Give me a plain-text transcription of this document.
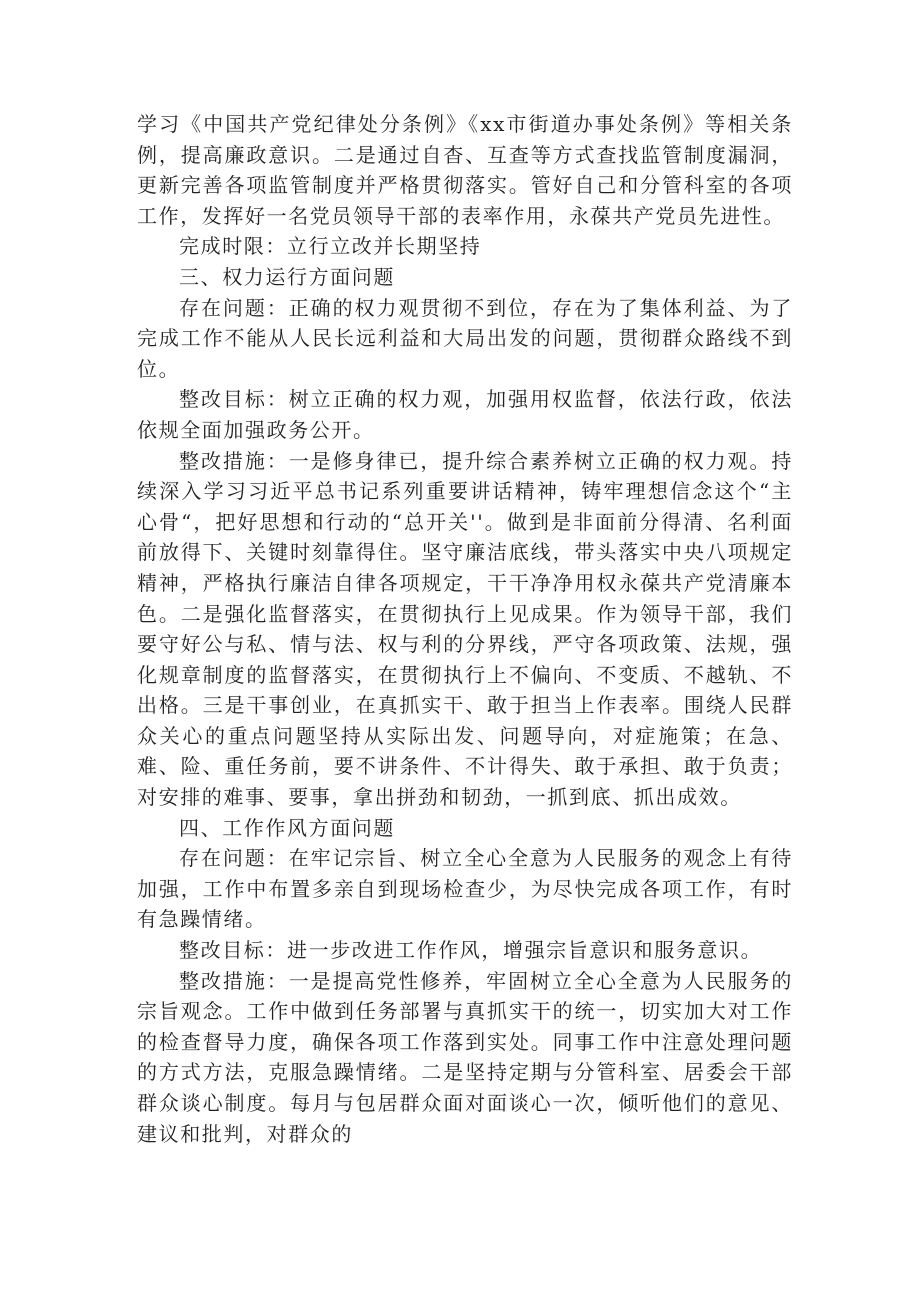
学习《中国共产党纪律处分条例》《xx市街道办事处条例》等相关条例，提高廉政意识。二是通过自杳、互查等方式查找监管制度漏洞，更新完善各项监管制度并严格贯彻落实。管好自己和分管科室的各项工作，发挥好一名党员领导干部的表率作用，永葆共产党员先进性。

完成时限：立行立改并长期坚持

三、权力运行方面问题

存在问题：正确的权力观贯彻不到位，存在为了集体利益、为了完成工作不能从人民长远利益和大局出发的问题，贯彻群众路线不到位。

整改目标：树立正确的权力观，加强用权监督，依法行政，依法依规全面加强政务公开。

整改措施：一是修身律已，提升综合素养树立正确的权力观。持续深入学习习近平总书记系列重要讲话精神，铸牢理想信念这个“主心骨“，把好思想和行动的“总开关''。做到是非面前分得清、名利面前放得下、关键时刻靠得住。坚守廉洁底线，带头落实中央八项规定精神，严格执行廉洁自律各项规定，干干净净用权永葆共产党清廉本色。二是强化监督落实，在贯彻执行上见成果。作为领导干部，我们要守好公与私、情与法、权与利的分界线，严守各项政策、法规，强化规章制度的监督落实，在贯彻执行上不偏向、不变质、不越轨、不出格。三是干事创业，在真抓实干、敢于担当上作表率。围绕人民群众关心的重点问题坚持从实际出发、问题导向，对症施策；在急、难、险、重任务前，要不讲条件、不计得失、敢于承担、敢于负责；对安排的难事、要事，拿出拼劲和韧劲，一抓到底、抓出成效。

四、工作作风方面问题

存在问题：在牢记宗旨、树立全心全意为人民服务的观念上有待加强，工作中布置多亲自到现场检查少，为尽快完成各项工作，有时有急躁情绪。

整改目标：进一步改进工作作风，增强宗旨意识和服务意识。

整改措施：一是提高党性修养，牢固树立全心全意为人民服务的宗旨观念。工作中做到任务部署与真抓实干的统一，切实加大对工作的检查督导力度，确保各项工作落到实处。同事工作中注意处理问题的方式方法，克服急躁情绪。二是坚持定期与分管科室、居委会干部群众谈心制度。每月与包居群众面对面谈心一次，倾听他们的意见、建议和批判，对群众的
